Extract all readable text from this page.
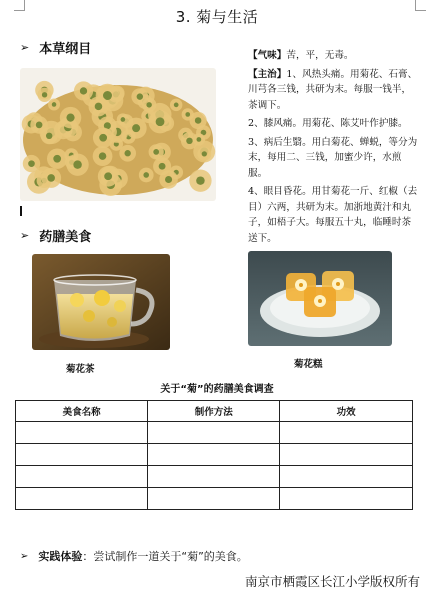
3. 菊与生活
➢ 本草纲目	【气味】苦，平，无毒。

【主治】1、风热头痛。用菊花、石膏、川芎各三钱，共研为末。每服一钱半，茶调下。

2、膝风痛。用菊花、陈艾叶作护膝。

3、病后生翳。用白菊花、蝉蜕，等分为末，每用二、三钱，加蜜少许，水煎服。

4、眼目昏花。用甘菊花一斤、红椒（去目）六两，共研为末。加浙地黄汁和丸子，如梧子大。每服五十丸，临睡时茶送下。

➢ 药膳美食
菊花茶	菊花糕
关于“菊”的药膳美食调查
美食名称	制作方法	功效

➢ 实践体验 ：尝试制作一道关于“菊”的美食。
南京市栖霞区长江小学版权所有
